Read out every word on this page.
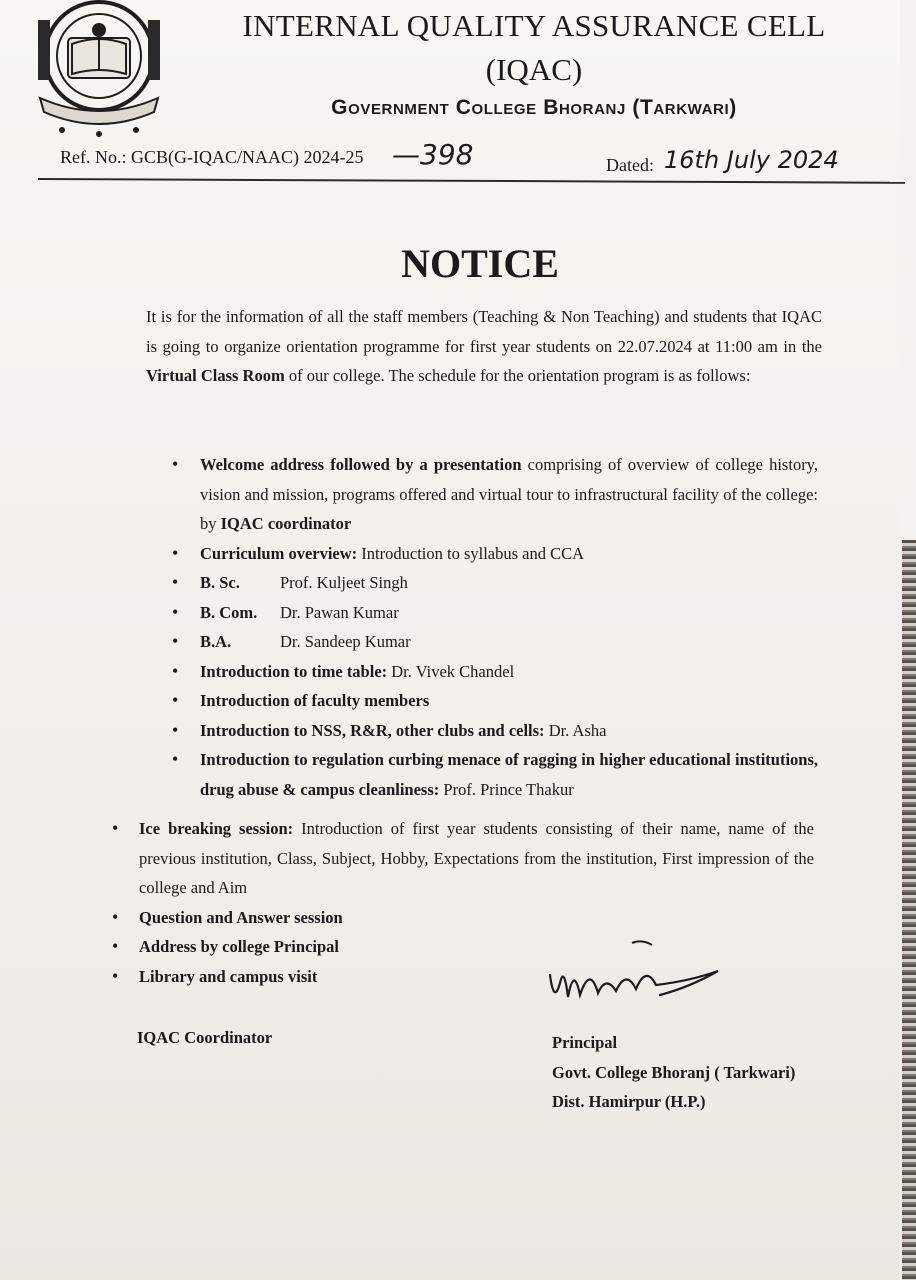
INTERNAL QUALITY ASSURANCE CELL
(IQAC)
Government College Bhoranj (Tarkwari)
Ref. No.: GCB(G-IQAC/NAAC) 2024-25 —398	Dated: 16th July 2024
NOTICE

It is for the information of all the staff members (Teaching & Non Teaching) and students that IQAC is going to organize orientation programme for first year students on 22.07.2024 at 11:00 am in the Virtual Class Room of our college. The schedule for the orientation program is as follows:

• Welcome address followed by a presentation comprising of overview of college history, vision and mission, programs offered and virtual tour to infrastructural facility of the college: by IQAC coordinator
• Curriculum overview: Introduction to syllabus and CCA
• B. Sc. Prof. Kuljeet Singh
• B. Com. Dr. Pawan Kumar
• B.A.	Dr. Sandeep Kumar
• Introduction to time table: Dr. Vivek Chandel
• Introduction of faculty members
• Introduction to NSS, R&R, other clubs and cells: Dr. Asha
• Introduction to regulation curbing menace of ragging in higher educational institutions, drug abuse & campus cleanliness: Prof. Prince Thakur
• Ice breaking session: Introduction of first year students consisting of their name, name of the previous institution, Class, Subject, Hobby, Expectations from the institution, First impression of the college and Aim
• Question and Answer session
• Address by college Principal
• Library and campus visit
IQAC Coordinator	Principal
Govt. College Bhoranj ( Tarkwari)
Dist. Hamirpur (H.P.)
